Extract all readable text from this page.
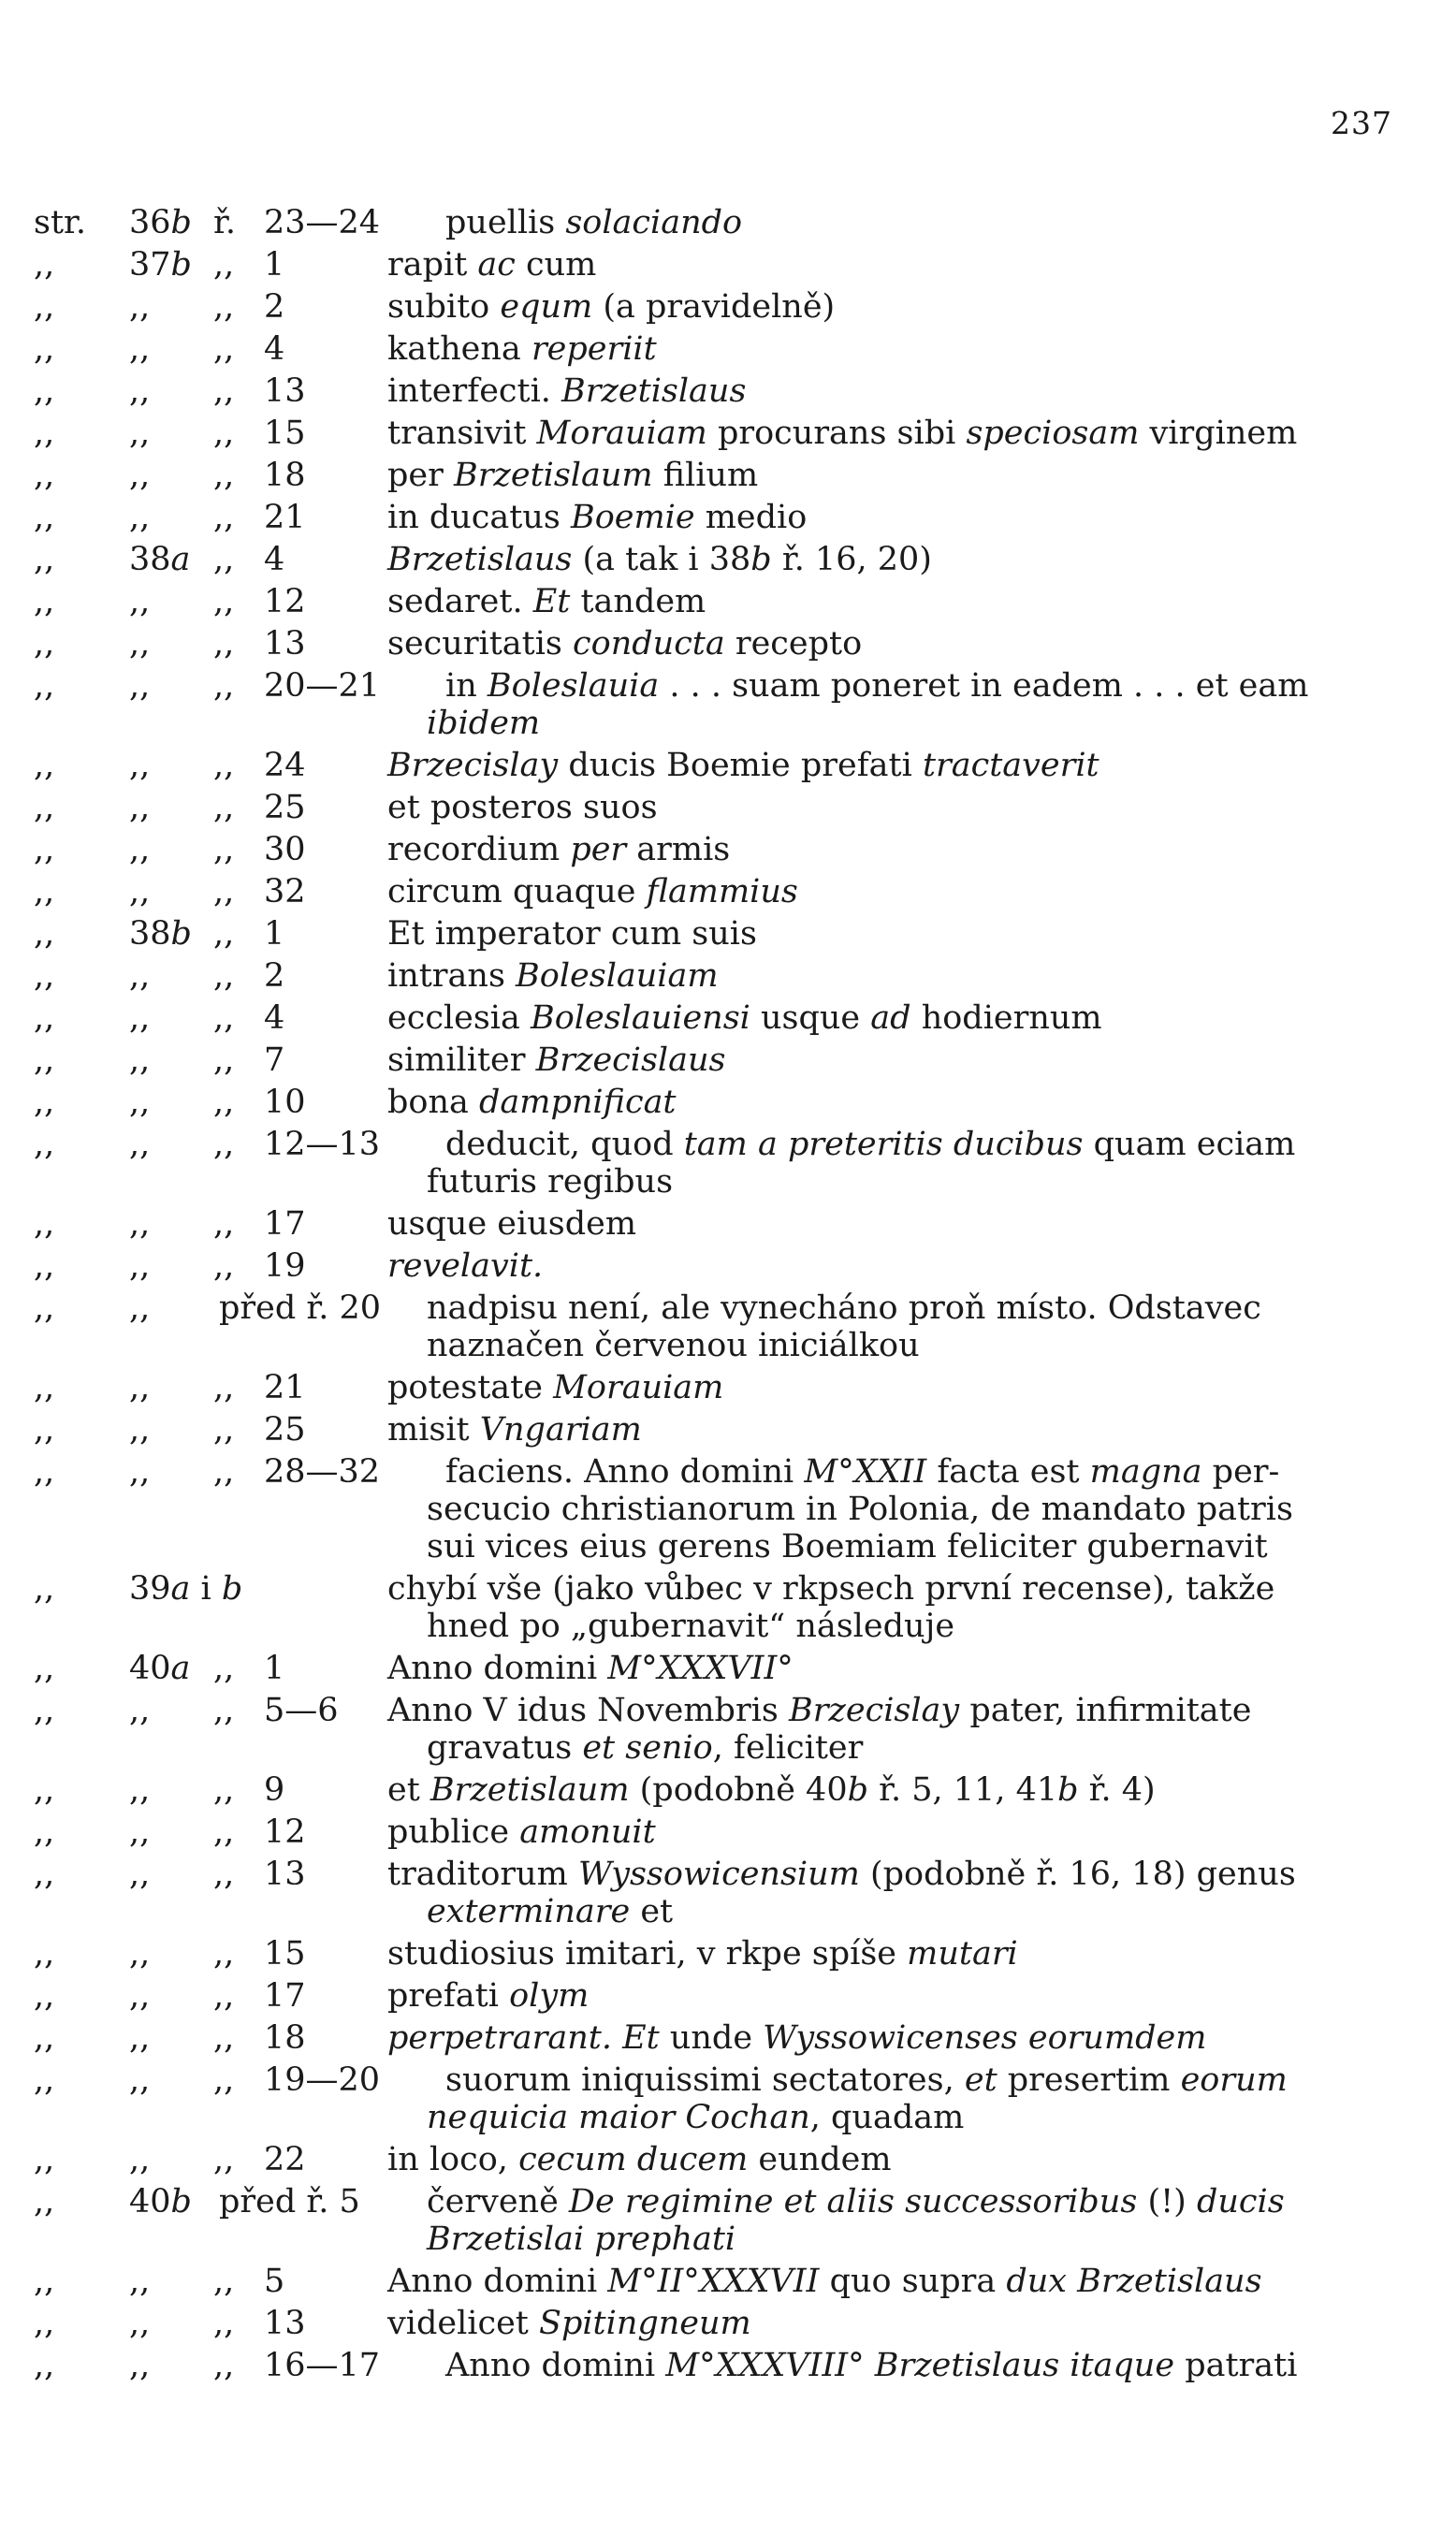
237
str. 36b ř. 23—24 puellis solaciando
,, 37b ,, 1	rapit ac cum
,, ,, ,, 2	subito equm (a pravidelně)
,, ,, ,, 4	kathena reperiit
,, ,, ,, 13 interfecti. Brzetislaus
,, ,, ,, 15 transivit Morauiam procurans sibi speciosam virginem
,, ,, ,, 18 per Brzetislaum filium
,, ,, ,, 21 in ducatus Boemie medio
,, 38a ,, 4	Brzetislaus (a tak i 38b ř. 16, 20)
,, ,, ,, 12 sedaret. Et tandem
,, ,, ,, 13 securitatis conducta recepto
,, ,, ,, 20—21 in Boleslauia . . . suam poneret in eadem . . . et eam
ibidem
,, ,, ,, 24 Brzecislay ducis Boemie prefati tractaverit
,, ,, ,, 25 et posteros suos
,, ,, ,, 30 recordium per armis
,, ,, ,, 32 circum quaque flammius
,, 38b ,, 1	Et imperator cum suis
,, ,, ,, 2	intrans Boleslauiam
,, ,, ,, 4	ecclesia Boleslauiensi usque ad hodiernum
,, ,, ,, 7	similiter Brzecislaus
,, ,, ,, 10 bona dampnificat
,, ,, ,, 12—13 deducit, quod tam a preteritis ducibus quam eciam
futuris regibus
,, ,, ,, 17 usque eiusdem
,, ,, ,, 19 revelavit.
,, ,, před ř. 20 nadpisu není, ale vynecháno proň místo. Odstavec
naznačen červenou iniciálkou
,, ,, ,, 21 potestate Morauiam
,, ,, ,, 25 misit Vngariam
,, ,, ,, 28—32 faciens. Anno domini M°XXII facta est magna per-
secucio christianorum in Polonia, de mandato patris
sui vices eius gerens Boemiam feliciter gubernavit
,, 39a i b	chybí vše (jako vůbec v rkpsech první recense), takže
hned po „gubernavit“ následuje
,, 40a ,, 1	Anno domini M°XXXVII°
,, ,, ,, 5—6 Anno V idus Novembris Brzecislay pater, infirmitate
gravatus et senio, feliciter
,, ,, ,, 9	et Brzetislaum (podobně 40b ř. 5, 11, 41b ř. 4)
,, ,, ,, 12 publice amonuit
,, ,, ,, 13 traditorum Wyssowicensium (podobně ř. 16, 18) genus
exterminare et
,, ,, ,, 15 studiosius imitari, v rkpe spíše mutari
,, ,, ,, 17 prefati olym
,, ,, ,, 18 perpetrarant. Et unde Wyssowicenses eorumdem
,, ,, ,, 19—20 suorum iniquissimi sectatores, et presertim eorum
nequicia maior Cochan, quadam
,, ,, ,, 22 in loco, cecum ducem eundem
,, 40b před ř. 5 červeně De regimine et aliis successoribus (!) ducis
Brzetislai prephati
,, ,, ,, 5	Anno domini M°II°XXXVII quo supra dux Brzetislaus
,, ,, ,, 13 videlicet Spitingneum
,, ,, ,, 16—17 Anno domini M°XXXVIII° Brzetislaus itaque patrati
